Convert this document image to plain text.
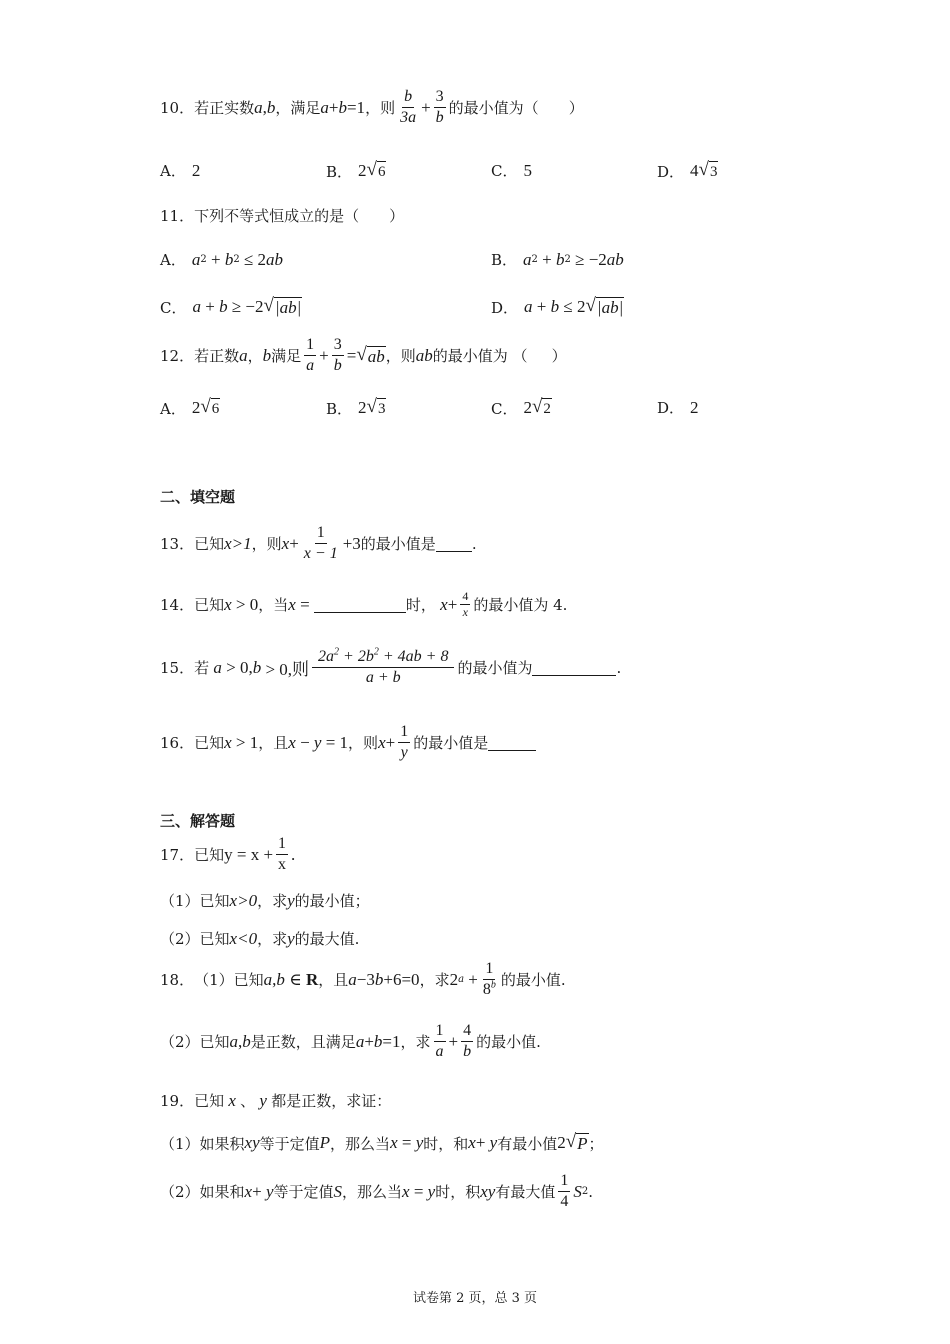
10． 若正实数 a , b ，满足 a + b =1 ，则 $\frac{b}{3a} + \frac{3}{b}$ 的最小值为（ ）
A． 2	B． 2 √ 6	C． 5	D． 4 √ 3
11． 下列不等式恒成立的是（ ）
A． a 2 + b 2 ≤ 2 ab	B． a 2 + b 2 ≥ −2 ab
C． a + b ≥ −2 √ |ab|	D． a + b ≤ 2 √ |ab|
12． 若正数 a ， b 满足 $\frac{1}{a} + \frac{3}{b}$ = √ ab ，则 ab 的最小值为 （ ）
A． 2 √ 6	B． 2 √ 3	C． 2 √ 2	D． 2
二、填空题
13． 已知 x>1 ，则 $x + \frac{1}{x - 1} +3$ 的最小值是 .
14． 已知 x > 0 ，当 x =	时， $x + \frac{4}{x}$ 的最小值为 4.
15． 若 a > 0, b > 0,则 $\frac{2a^2 + 2b^2 + 4ab + 8}{a + b}$ 的最小值为	.
16． 已知 x > 1 ，且 x − y = 1 ，则 $x + \frac{1}{y}$ 的最小值是
三、解答题
17． 已知 $y = x + \frac{1}{x}$ .
（1）已知 x>0 ，求 y 的最小值；
（2）已知 x<0 ，求 y 的最大值.
18． （1）已知 a , b ∈ R ，且 a −3 b +6=0 ，求 2 $a + \frac{1}{8^b}$ 的最小值.
（2）已知 a , b 是正数，且满足 a + b =1 ，求 $\frac{1}{a} + \frac{4}{b}$ 的最小值.
19． 已知 x 、 y 都是正数，求证：
（1）如果积 xy 等于定值 P ，那么当 x = y 时，和 x + y 有最小值 2 √ P ；
（2）如果和 x + y 等于定值 S ，那么当 x = y 时，积 xy 有最大值 $\frac{1}{4}$ S 2 .
试卷第 2 页，总 3 页
